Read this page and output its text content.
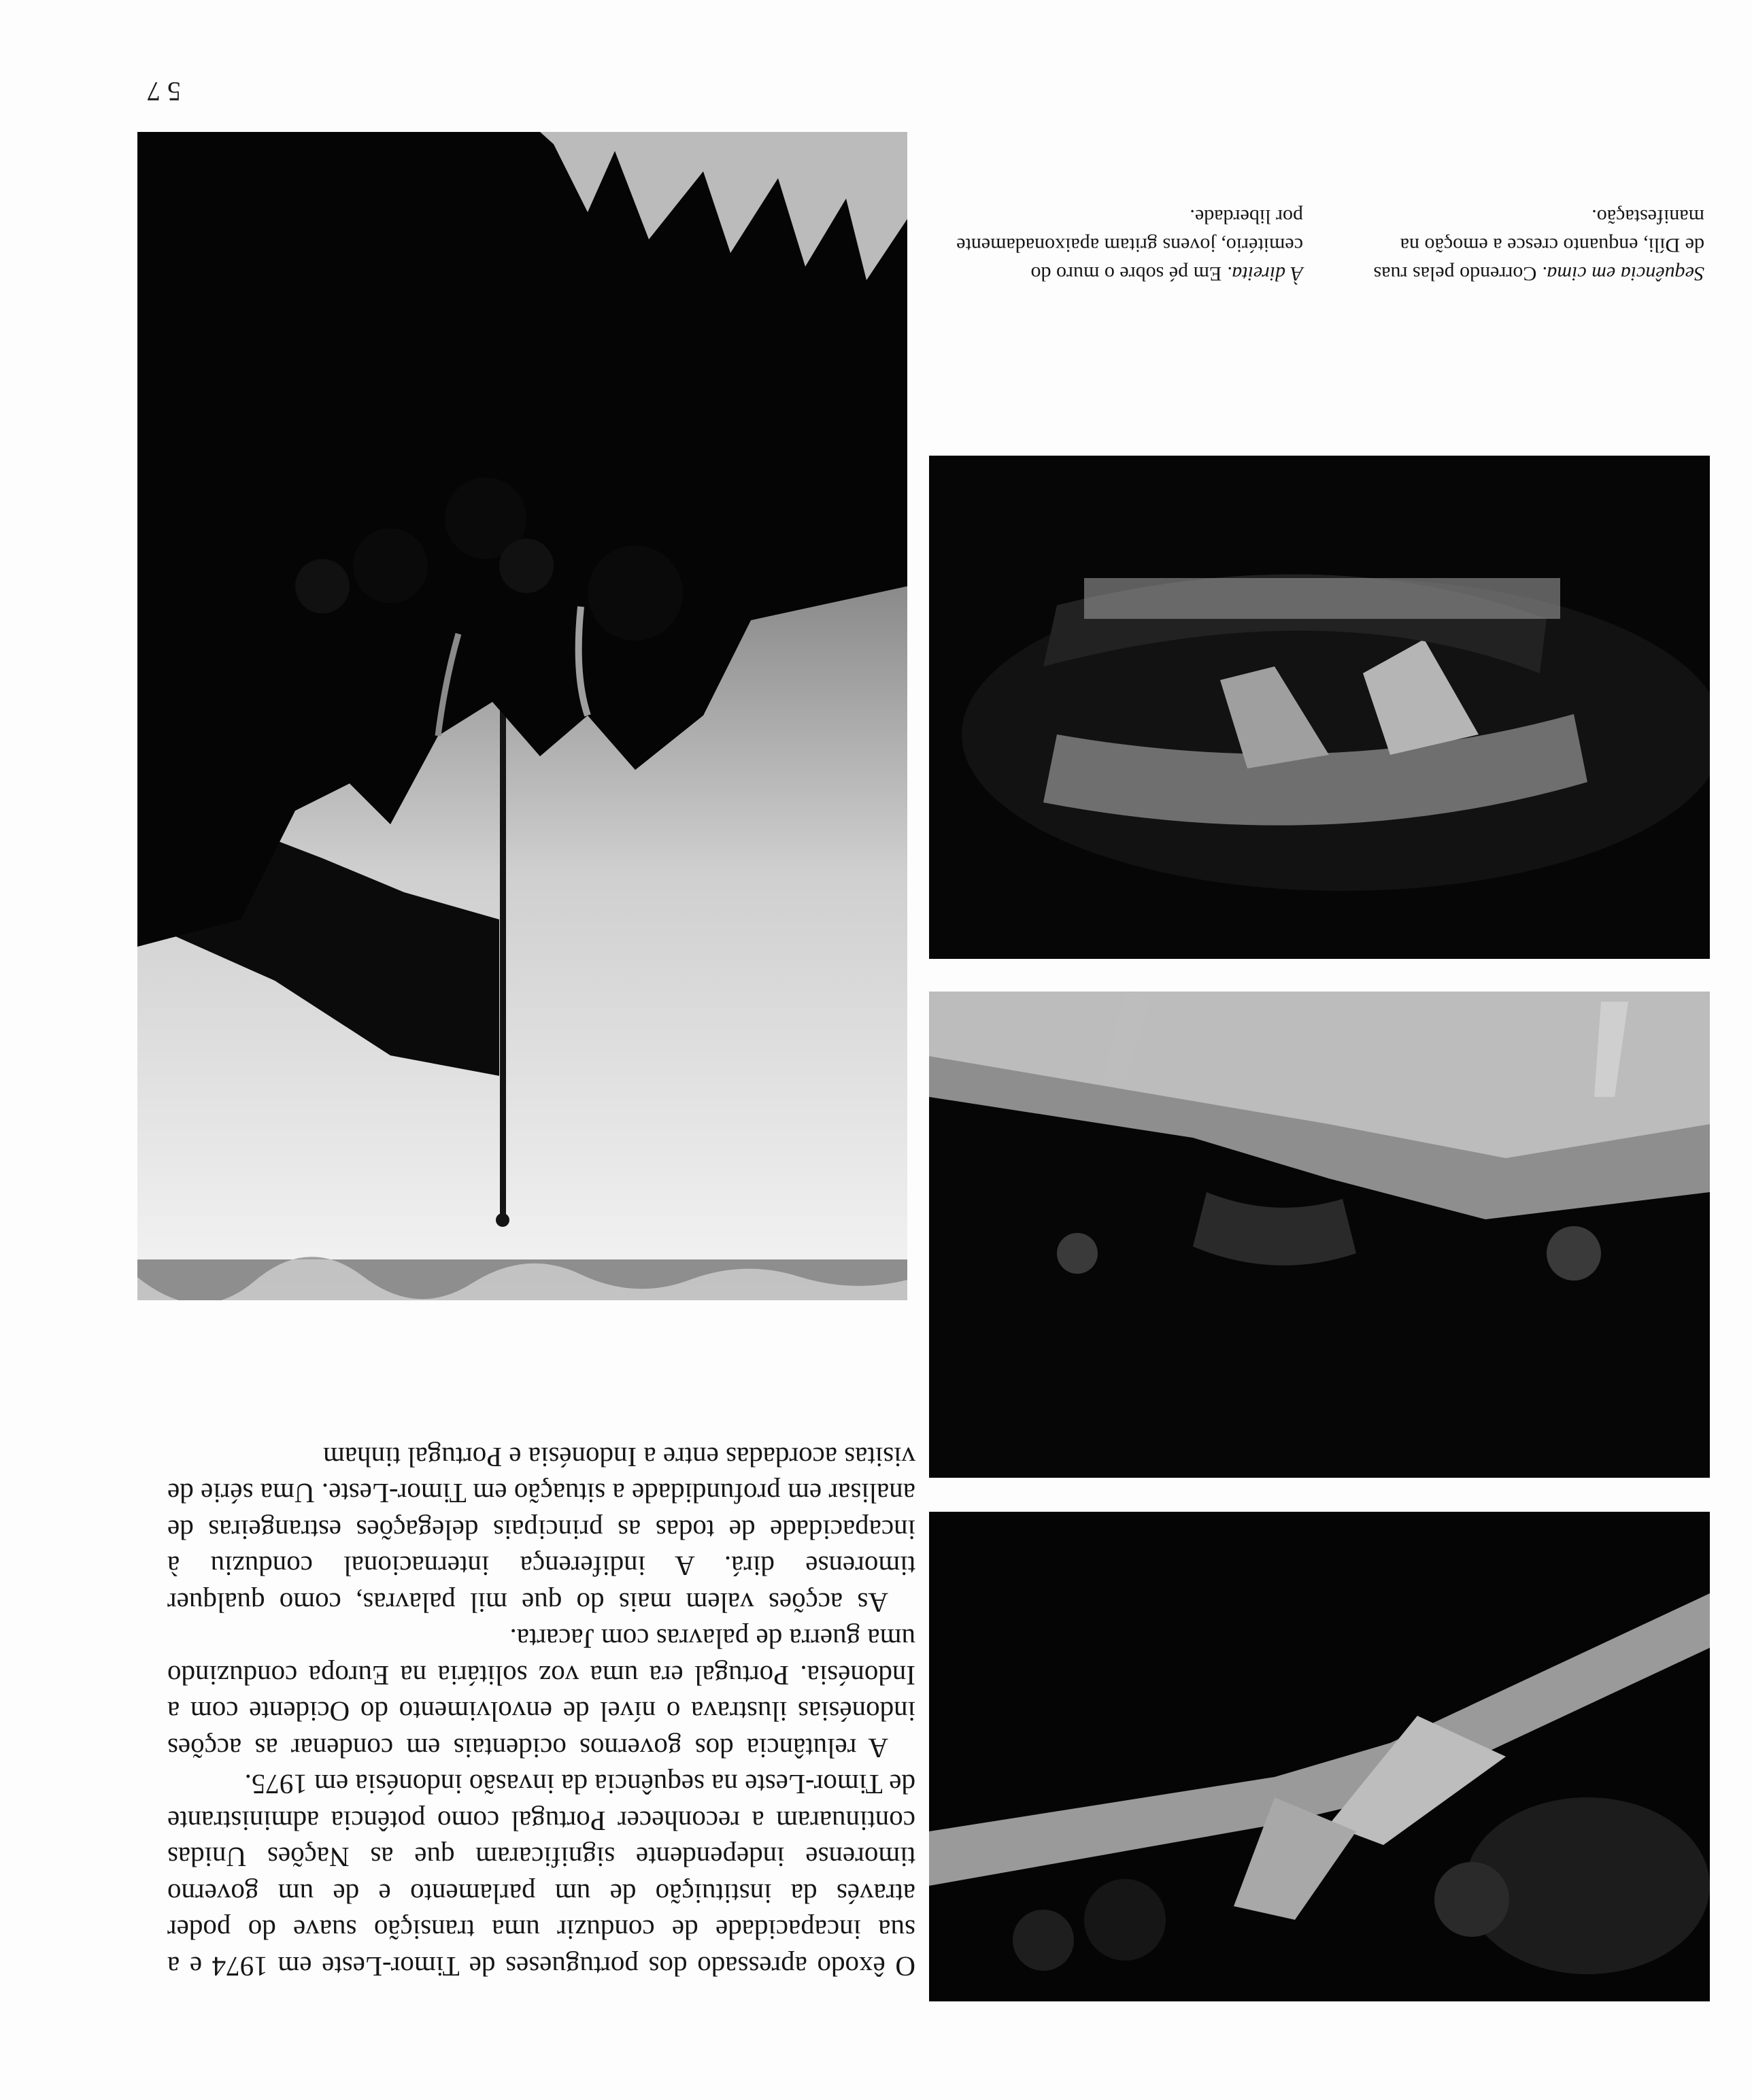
Sequência em cima. Correndo pelas ruas de Díli, enquanto cresce a emoção na manifestação.
À direita. Em pé sobre o muro do cemitério, jovens gritam apaixonadamente por liberdade.

O êxodo apressado dos portugueses de Timor-Leste em 1974 e a sua incapacidade de conduzir uma transição suave do poder através da instituição de um parlamento e de um governo timorense independente significaram que as Nações Unidas continuaram a reconhecer Portugal como potência administrante de Timor-Leste na sequência da invasão indonésia em 1975.

A relutância dos governos ocidentais em condenar as acções indonésias ilustrava o nível de envolvimento do Ocidente com a Indonésia. Portugal era uma voz solitária na Europa conduzindo uma guerra de palavras com Jacarta.

As acções valem mais do que mil palavras, como qualquer timorense dirá. A indiferença internacional conduziu à incapacidade de todas as principais delegações estrangeiras de analisar em profundidade a situação em Timor-Leste. Uma série de visitas acordadas entre a Indonésia e Portugal tinham

57
